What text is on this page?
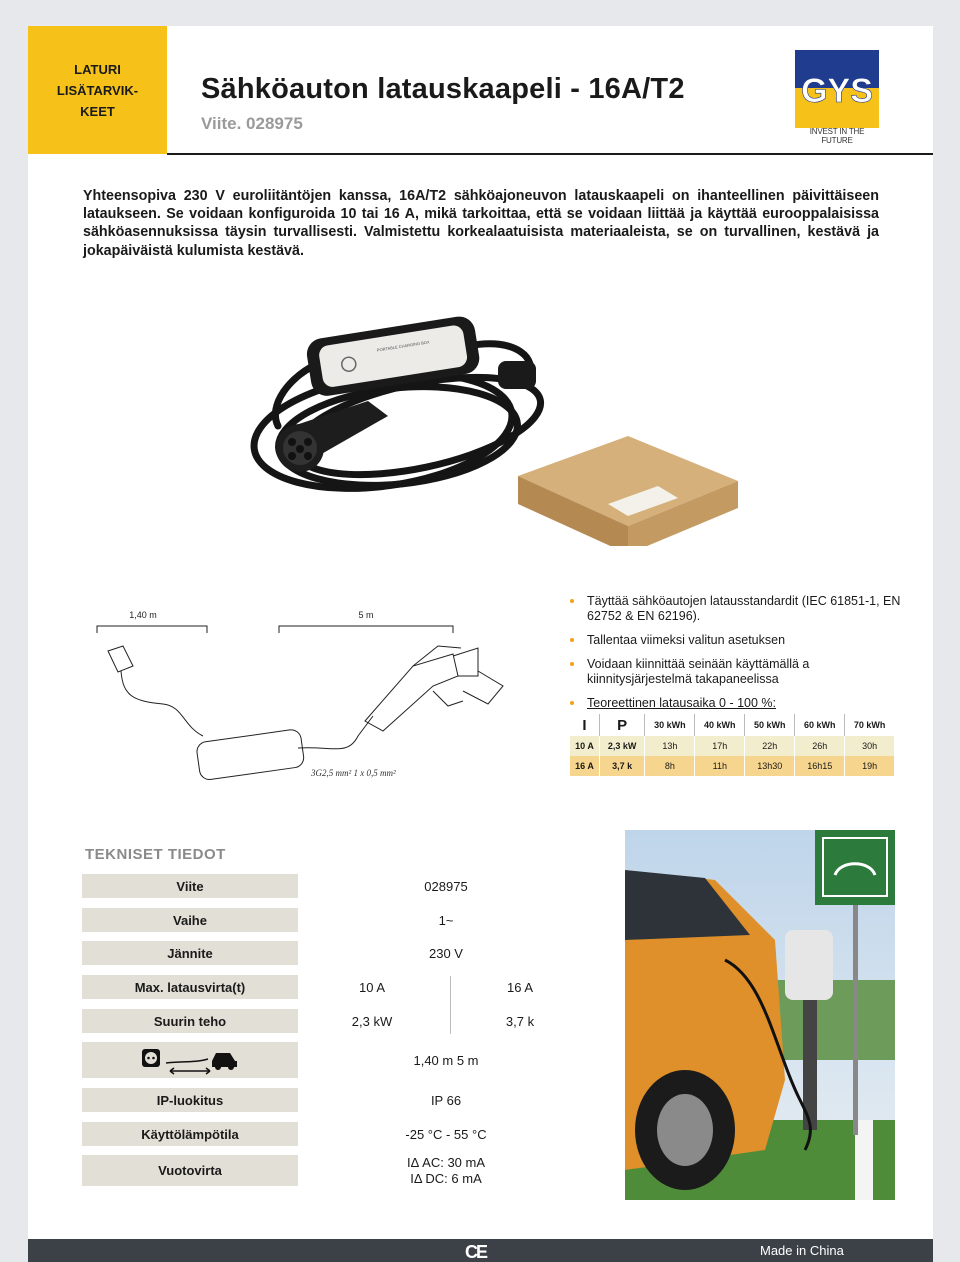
LATURI
LISÄTARVIK-
KEET
Sähköauton latauskaapeli - 16A/T2
Viite. 028975
GYS
INVEST IN THE FUTURE

Yhteensopiva 230 V euroliitäntöjen kanssa, 16A/T2 sähköajoneuvon latauskaapeli on ihanteellinen päivittäiseen lataukseen. Se voidaan konfiguroida 10 tai 16 A, mikä tarkoittaa, että se voidaan liittää ja käyttää eurooppalaisissa sähköasennuksissa täysin turvallisesti. Valmistettu korkealaatuisista materiaaleista, se on turvallinen, kestävä ja jokapäiväistä kulumista kestävä.

PORTABLE CHARGING BOX
1,40 m	5 m
3G2,5 mm² 1 x 0,5 mm²
Täyttää sähköautojen latausstandardit (IEC 61851-1, EN 62752 & EN 62196).
Tallentaa viimeksi valitun asetuksen
Voidaan kiinnittää seinään käyttämällä a kiinnitysjärjestelmä takapaneelissa
Teoreettinen latausaika 0 - 100 %:
I	P	30 kWh	40 kWh	50 kWh	60 kWh	70 kWh
10 A	2,3 kW	13h	17h	22h	26h	30h
16 A	3,7 k	8h	11h	13h30	16h15	19h
TEKNISET TIEDOT
Viite	028975
Vaihe	1~
Jännite	230 V
Max. latausvirta(t)	10 A	16 A
Suurin teho	2,3 kW	3,7 k
1,40 m 5 m
IP-luokitus	IP 66
Käyttölämpötila	-25 °C - 55 °C
Vuotovirta
IΔ AC: 30 mA
IΔ DC: 6 mA
CE	Made in China
